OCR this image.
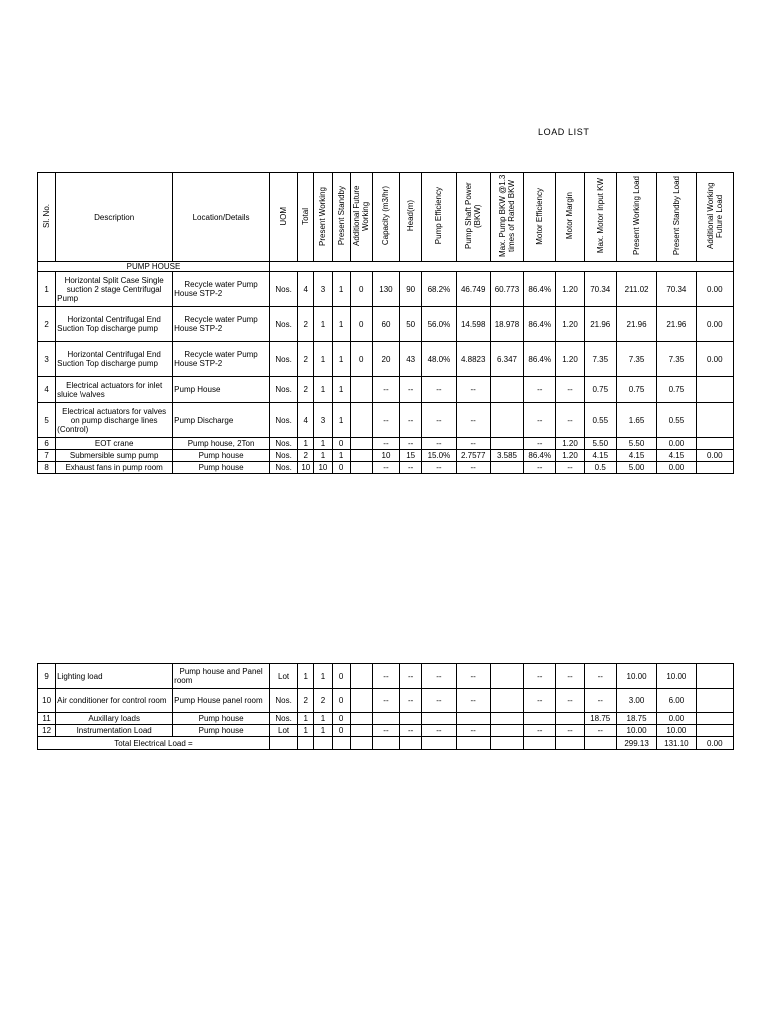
LOAD LIST
Sl. No.	Description	Location/Details	UOM	Total	Present Working	Present Standby	Additional Future Working	Capacity (m3/hr)	Head(m)	Pump Efficiency	Pump Shaft Power (BKW)	Max. Pump BKW @1.3 times of Rated BKW	Motor Efficiency	Motor Margin	Max. Motor Input KW	Present Working Load	Present Standby Load	Additional Working Future Load
PUMP HOUSE																		
1	Horizontal Split Case Single suction 2 stage Centrifugal Pump	Recycle water Pump House STP-2	Nos.	4	3	1	0	130	90	68.2%	46.749	60.773	86.4%	1.20	70.34	211.02	70.34	0.00
2	Horizontal Centrifugal End Suction Top discharge pump	Recycle water Pump House STP-2	Nos.	2	1	1	0	60	50	56.0%	14.598	18.978	86.4%	1.20	21.96	21.96	21.96	0.00
3	Horizontal Centrifugal End Suction Top discharge pump	Recycle water Pump House STP-2	Nos.	2	1	1	0	20	43	48.0%	4.8823	6.347	86.4%	1.20	7.35	7.35	7.35	0.00
4	Electrical actuators for inlet sluice \valves	Pump House	Nos.	2	1	1		--	--	--	--		--	--	0.75	0.75	0.75	
5	Electrical actuators for valves on pump discharge lines (Control)	Pump Discharge	Nos.	4	3	1		--	--	--	--		--	--	0.55	1.65	0.55	
6	EOT crane	Pump house, 2Ton	Nos.	1	1	0		--	--	--	--		--	1.20	5.50	5.50	0.00	
7	Submersible sump pump	Pump house	Nos.	2	1	1		10	15	15.0%	2.7577	3.585	86.4%	1.20	4.15	4.15	4.15	0.00
8	Exhaust fans in pump room	Pump house	Nos.	10	10	0		--	--	--	--		--	--	0.5	5.00	0.00	
9	Lighting load	Pump house and Panel room	Lot	1	1	0		--	--	--	--		--	--	--	10.00	10.00	
10	Air conditioner for control room	Pump House panel room	Nos.	2	2	0		--	--	--	--		--	--	--	3.00	6.00	
11	Auxillary loads	Pump house	Nos.	1	1	0									18.75	18.75	0.00	
12	Instrumentation Load	Pump house	Lot	1	1	0		--	--	--	--		--	--	--	10.00	10.00	
Total Electrical Load =																299.13	131.10	0.00
